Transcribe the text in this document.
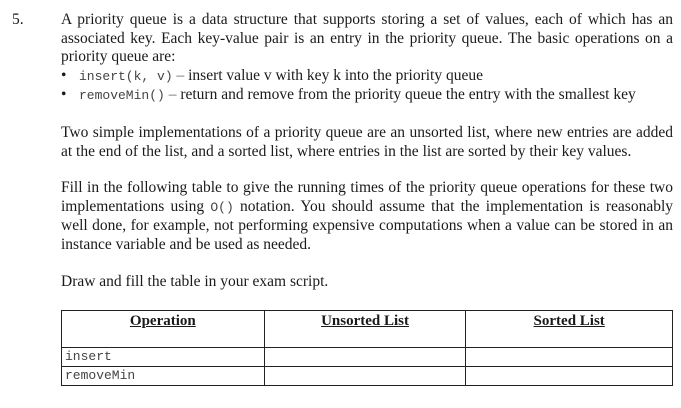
5. A priority queue is a data structure that supports storing a set of values, each of which has an associated key. Each key-value pair is an entry in the priority queue. The basic operations on a priority queue are:

• insert(k, v) – insert value v with key k into the priority queue
• removeMin() – return and remove from the priority queue the entry with the smallest key

Two simple implementations of a priority queue are an unsorted list, where new entries are added at the end of the list, and a sorted list, where entries in the list are sorted by their key values.

Fill in the following table to give the running times of the priority queue operations for these two implementations using O() notation. You should assume that the implementation is reasonably well done, for example, not performing expensive computations when a value can be stored in an instance variable and be used as needed.

Draw and fill the table in your exam script.

Operation	Unsorted List	Sorted List
insert		
removeMin		
